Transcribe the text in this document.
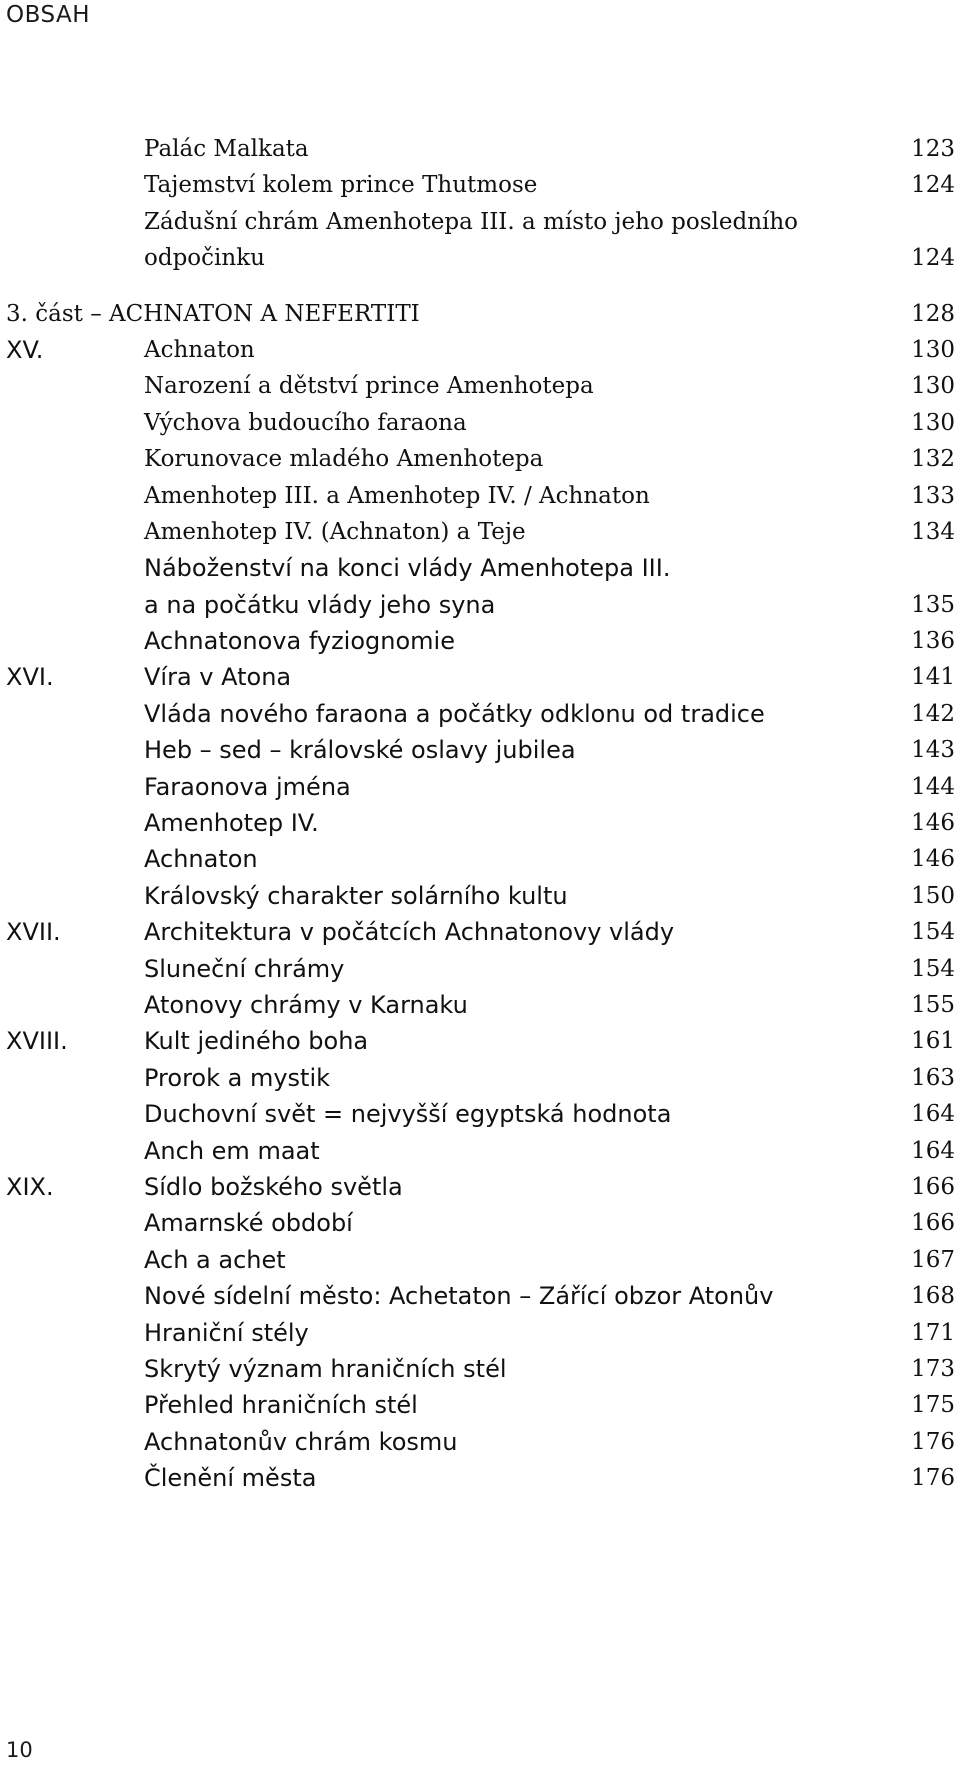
OBSAH
Palác Malkata	123
Tajemství kolem prince Thutmose	124
Zádušní chrám Amenhotepa III. a místo jeho posledního
odpočinku	124
3. část – ACHNATON A NEFERTITI	128
XV.	Achnaton	130
Narození a dětství prince Amenhotepa	130
Výchova budoucího faraona	130
Korunovace mladého Amenhotepa	132
Amenhotep III. a Amenhotep IV. / Achnaton	133
Amenhotep IV. (Achnaton) a Teje	134
Náboženství na konci vlády Amenhotepa III.
a na počátku vlády jeho syna	135
Achnatonova fyziognomie	136
XVI.	Víra v Atona	141
Vláda nového faraona a počátky odklonu od tradice	142
Heb – sed – královské oslavy jubilea	143
Faraonova jména	144
Amenhotep IV.	146
Achnaton	146
Královský charakter solárního kultu	150
XVII.	Architektura v počátcích Achnatonovy vlády	154
Sluneční chrámy	154
Atonovy chrámy v Karnaku	155
XVIII.	Kult jediného boha	161
Prorok a mystik	163
Duchovní svět = nejvyšší egyptská hodnota	164
Anch em maat	164
XIX.	Sídlo božského světla	166
Amarnské období	166
Ach a achet	167
Nové sídelní město: Achetaton – Zářící obzor Atonův	168
Hraniční stély	171
Skrytý význam hraničních stél	173
Přehled hraničních stél	175
Achnatonův chrám kosmu	176
Členění města	176
10
